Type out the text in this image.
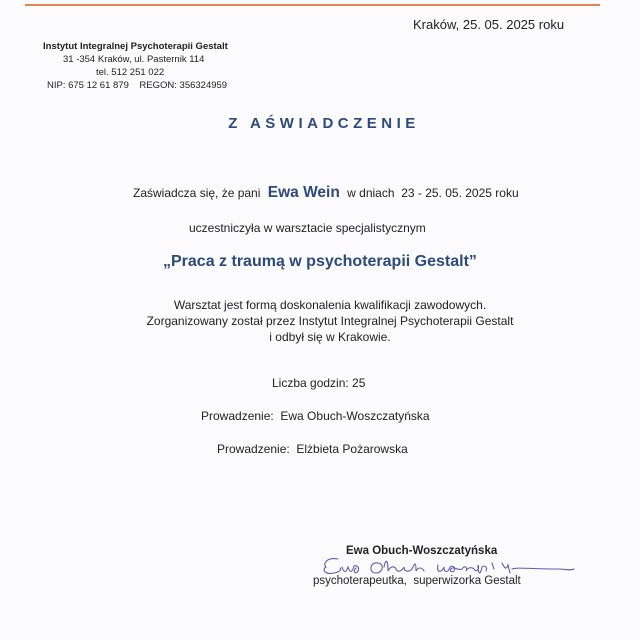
Kraków, 25. 05. 2025 roku
Instytut Integralnej Psychoterapii Gestalt
31 -354 Kraków, ul. Pasternik 114
tel. 512 251 022
NIP: 675 12 61 879    REGON: 356324959
Z AŚWIADCZENIE
Zaświadcza się, że pani Ewa Wein w dniach  23 - 25. 05. 2025 roku
uczestniczyła w warsztacie specjalistycznym
„Praca z traumą w psychoterapii Gestalt”
Warsztat jest formą doskonalenia kwalifikacji zawodowych.
Zorganizowany został przez Instytut Integralnej Psychoterapii Gestalt
i odbył się w Krakowie.
Liczba godzin: 25
Prowadzenie:  Ewa Obuch-Woszczatyńska
Prowadzenie:  Elżbieta Pożarowska
Ewa Obuch-Woszczatyńska
psychoterapeutka,  superwizorka Gestalt
